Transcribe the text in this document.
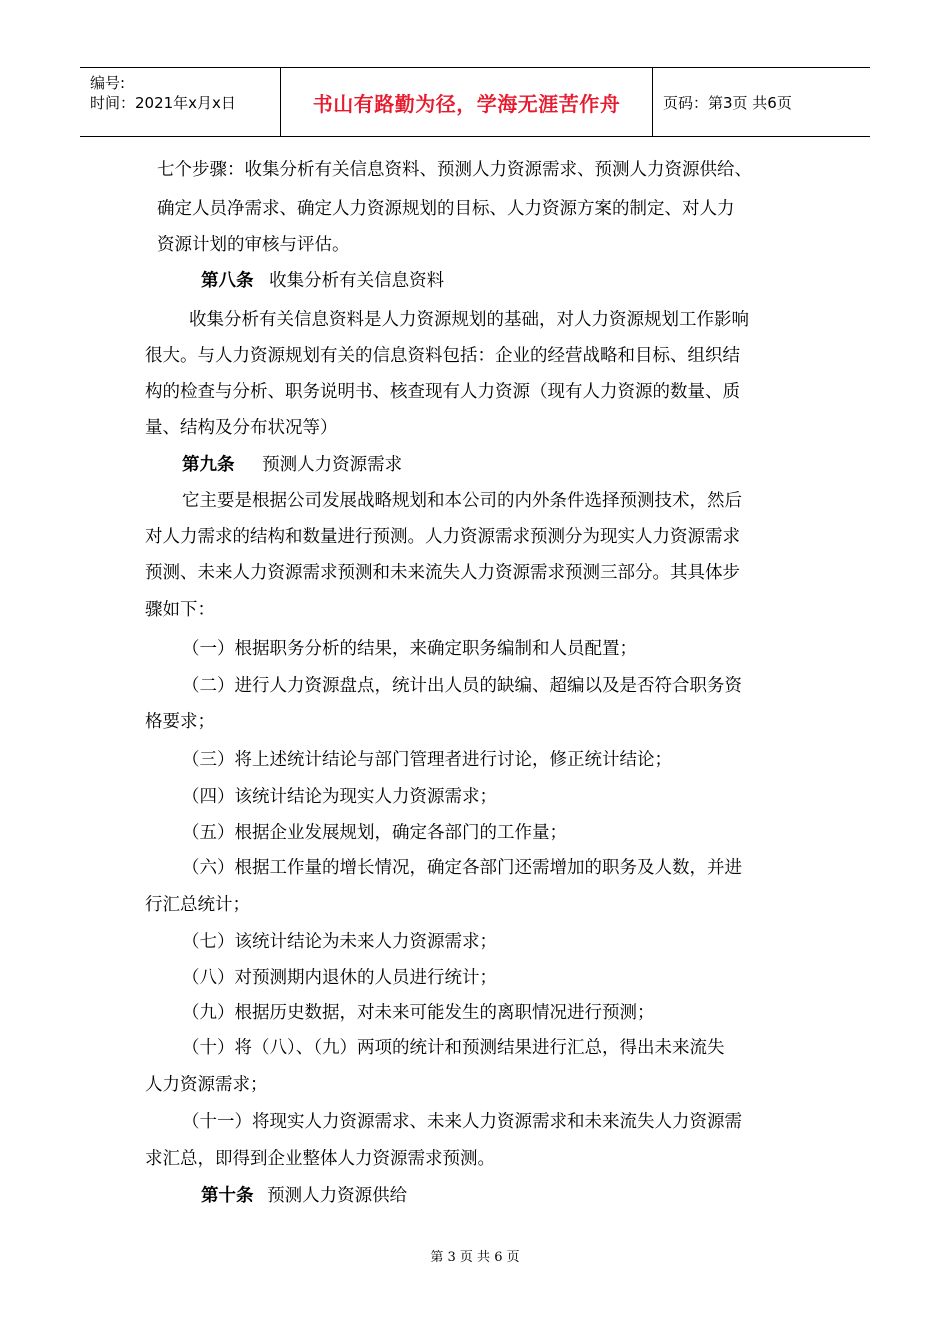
编号:
时间：2021年x月x日	书山有路勤为径，学海无涯苦作舟	页码：第3页 共6页
七个步骤：收集分析有关信息资料、预测人力资源需求、预测人力资源供给、
确定人员净需求、确定人力资源规划的目标、人力资源方案的制定、对人力
资源计划的审核与评估。
第八条 收集分析有关信息资料
收集分析有关信息资料是人力资源规划的基础，对人力资源规划工作影响
很大。与人力资源规划有关的信息资料包括：企业的经营战略和目标、组织结
构的检查与分析、职务说明书、核查现有人力资源（现有人力资源的数量、质
量、结构及分布状况等）
第九条 预测人力资源需求
它主要是根据公司发展战略规划和本公司的内外条件选择预测技术，然后
对人力需求的结构和数量进行预测。人力资源需求预测分为现实人力资源需求
预测、未来人力资源需求预测和未来流失人力资源需求预测三部分。其具体步
骤如下：
（一）根据职务分析的结果，来确定职务编制和人员配置；
（二）进行人力资源盘点，统计出人员的缺编、超编以及是否符合职务资
格要求；
（三）将上述统计结论与部门管理者进行讨论，修正统计结论；
（四）该统计结论为现实人力资源需求；
（五）根据企业发展规划，确定各部门的工作量；
（六）根据工作量的增长情况，确定各部门还需增加的职务及人数，并进
行汇总统计；
（七）该统计结论为未来人力资源需求；
（八）对预测期内退休的人员进行统计；
（九）根据历史数据，对未来可能发生的离职情况进行预测；
（十）将（八）、（九）两项的统计和预测结果进行汇总，得出未来流失
人力资源需求；
（十一）将现实人力资源需求、未来人力资源需求和未来流失人力资源需
求汇总，即得到企业整体人力资源需求预测。
第十条 预测人力资源供给
第 3 页 共 6 页
